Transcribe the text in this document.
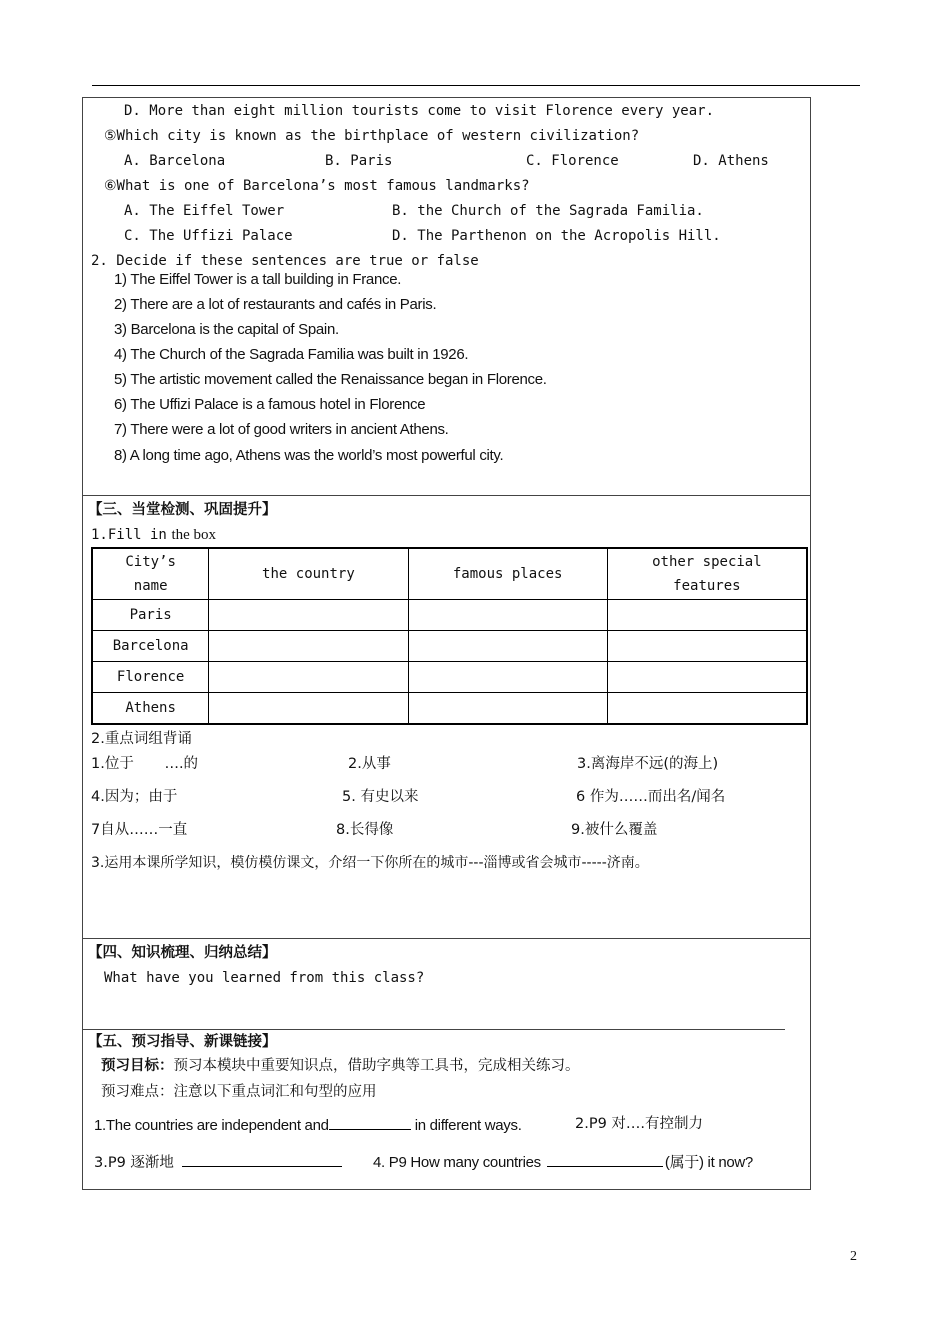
D. More than eight million tourists come to visit Florence every year.
⑤Which city is known as the birthplace of western civilization?
A. Barcelona	B. Paris	C. Florence	D. Athens
⑥What is one of Barcelona’s most famous landmarks?
A. The Eiffel Tower	B. the Church of the Sagrada Familia.
C. The Uffizi Palace	D. The Parthenon on the Acropolis Hill.
2. Decide if these sentences are true or false
1) The Eiffel Tower is a tall building in France.
2) There are a lot of restaurants and cafés in Paris.
3) Barcelona is the capital of Spain.
4) The Church of the Sagrada Familia was built in 1926.
5) The artistic movement called the Renaissance began in Florence.
6) The Uffizi Palace is a famous hotel in Florence
7) There were a lot of good writers in ancient Athens.
8) A long time ago, Athens was the world’s most powerful city.
【三、当堂检测、巩固提升】
1.Fill in the box
City’s name	the country	famous places	other special features
Paris			
Barcelona			
Florence			
Athens			
2.重点词组背诵
1.位于 ….的	2.从事	3.离海岸不远(的海上)
4.因为；由于	5. 有史以来	6 作为……而出名/闻名
7自从……一直	8.长得像	9.被什么覆盖
3.运用本课所学知识，模仿模仿课文，介绍一下你所在的城市---淄博或省会城市-----济南。
【四、知识梳理、归纳总结】
What have you learned from this class?
【五、预习指导、新课链接】
预习目标：预习本模块中重要知识点，借助字典等工具书，完成相关练习。
预习难点：注意以下重点词汇和句型的应用
1.The countries are independent and	in different ways.	2.P9 对….有控制力
3.P9 逐渐地	4. P9 How many countries	(属于) it now?
2
